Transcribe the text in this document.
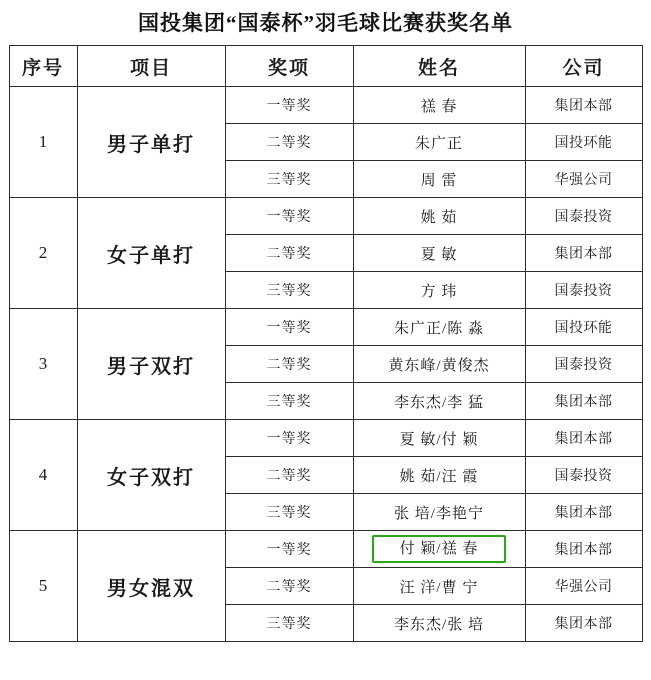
国投集团“国泰杯”羽毛球比赛获奖名单
序号	项目	奖项	姓名	公司
1	男子单打	一等奖	禚 春	集团本部
		二等奖	朱广正	国投环能
		三等奖	周 雷	华强公司
2	女子单打	一等奖	姚 茹	国泰投资
		二等奖	夏 敏	集团本部
		三等奖	方 玮	国泰投资
3	男子双打	一等奖	朱广正/陈 淼	国投环能
		二等奖	黄东峰/黄俊杰	国泰投资
		三等奖	李东杰/李 猛	集团本部
4	女子双打	一等奖	夏 敏/付 颖	集团本部
		二等奖	姚 茹/汪 霞	国泰投资
		三等奖	张 培/李艳宁	集团本部
5	男女混双	一等奖	付 颖/禚 春	集团本部
		二等奖	汪 洋/曹 宁	华强公司
		三等奖	李东杰/张 培	集团本部
